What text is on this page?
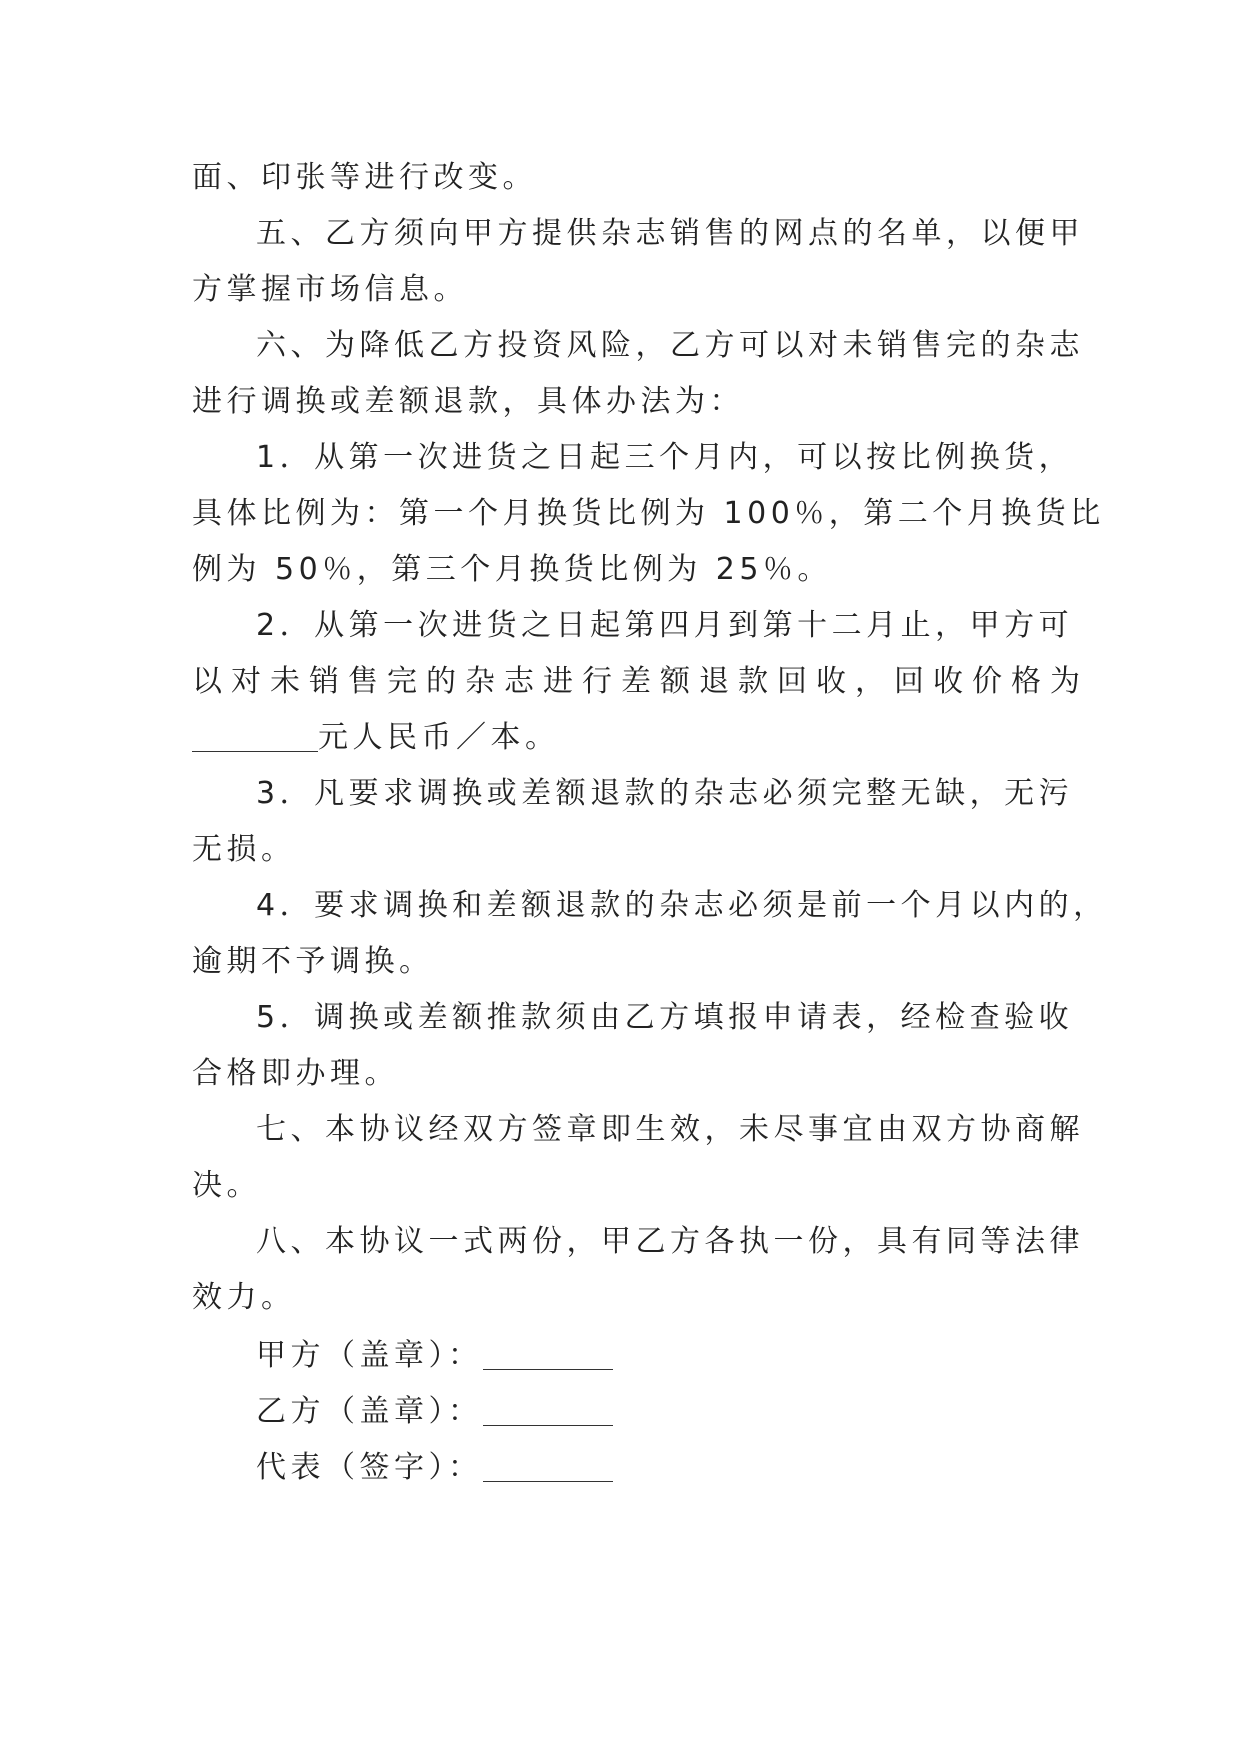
面、印张等进行改变。
五、乙方须向甲方提供杂志销售的网点的名单，以便甲
方掌握市场信息。
六、为降低乙方投资风险，乙方可以对未销售完的杂志
进行调换或差额退款，具体办法为：
1．从第一次进货之日起三个月内，可以按比例换货，
具体比例为：第一个月换货比例为 100％，第二个月换货比
例为 50％，第三个月换货比例为 25％。
2．从第一次进货之日起第四月到第十二月止，甲方可
以对未销售完的杂志进行差额退款回收，回收价格为
元人民币／本。
3．凡要求调换或差额退款的杂志必须完整无缺，无污
无损。
4．要求调换和差额退款的杂志必须是前一个月以内的，
逾期不予调换。
5．调换或差额推款须由乙方填报申请表，经检查验收
合格即办理。
七、本协议经双方签章即生效，未尽事宜由双方协商解
决。
八、本协议一式两份，甲乙方各执一份，具有同等法律
效力。
甲方（盖章）：
乙方（盖章）：
代表（签字）：
